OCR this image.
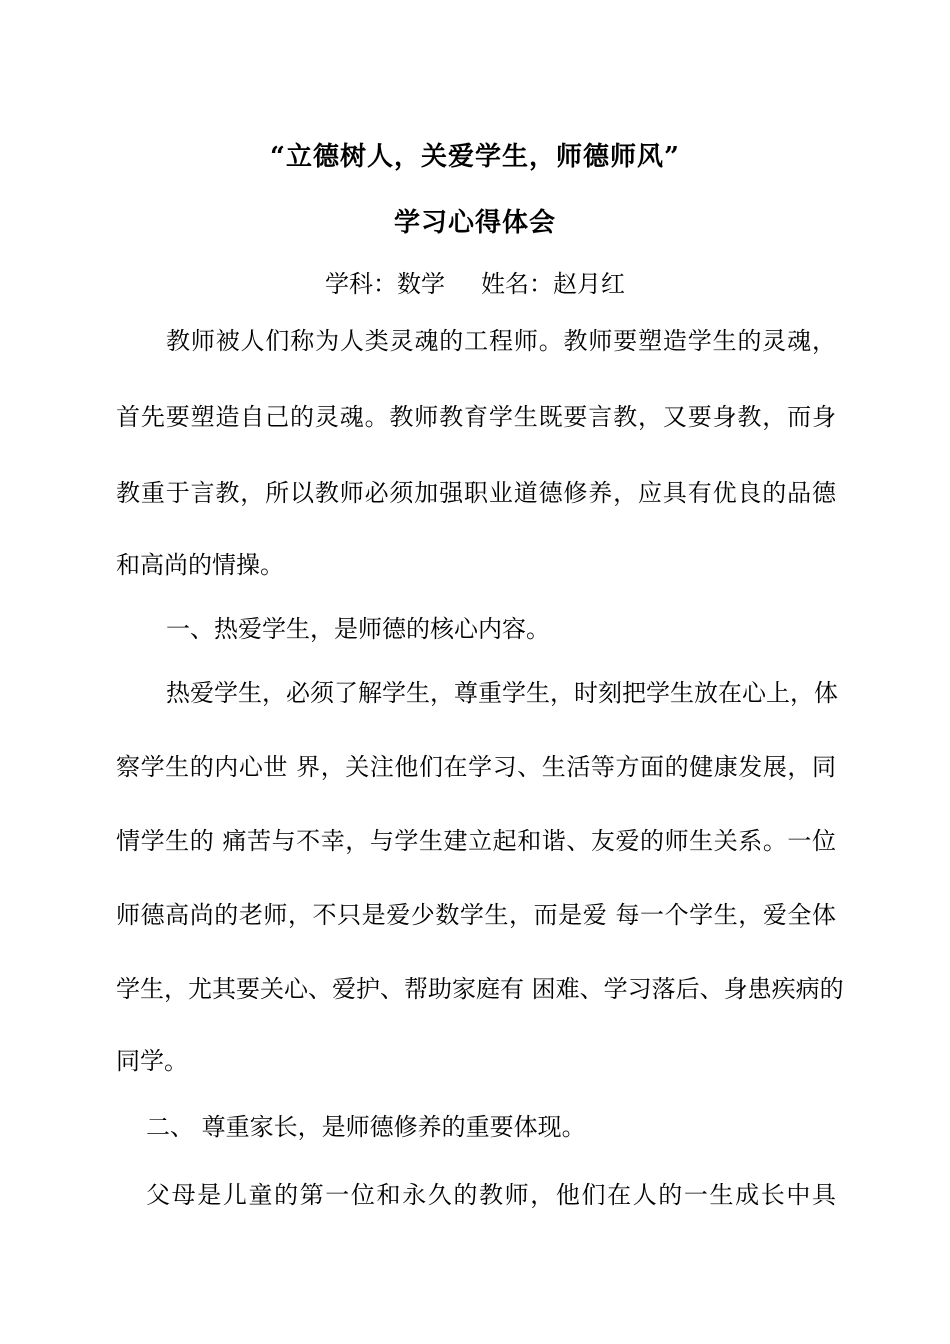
“立德树人，关爱学生，师德师风”
学习心得体会
学科：数学 姓名：赵月红
教师被人们称为人类灵魂的工程师。教师要塑造学生的灵魂，
首先要塑造自己的灵魂。教师教育学生既要言教，又要身教，而身
教重于言教，所以教师必须加强职业道德修养，应具有优良的品德
和高尚的情操。
一、热爱学生，是师德的核心内容。
热爱学生，必须了解学生，尊重学生，时刻把学生放在心上，体
察学生的内心世 界，关注他们在学习、生活等方面的健康发展，同
情学生的 痛苦与不幸，与学生建立起和谐、友爱的师生关系。一位
师德高尚的老师，不只是爱少数学生，而是爱 每一个学生，爱全体
学生，尤其要关心、爱护、帮助家庭有 困难、学习落后、身患疾病的
同学。
二、 尊重家长，是师德修养的重要体现。
父母是儿童的第一位和永久的教师，他们在人的一生成长中具
